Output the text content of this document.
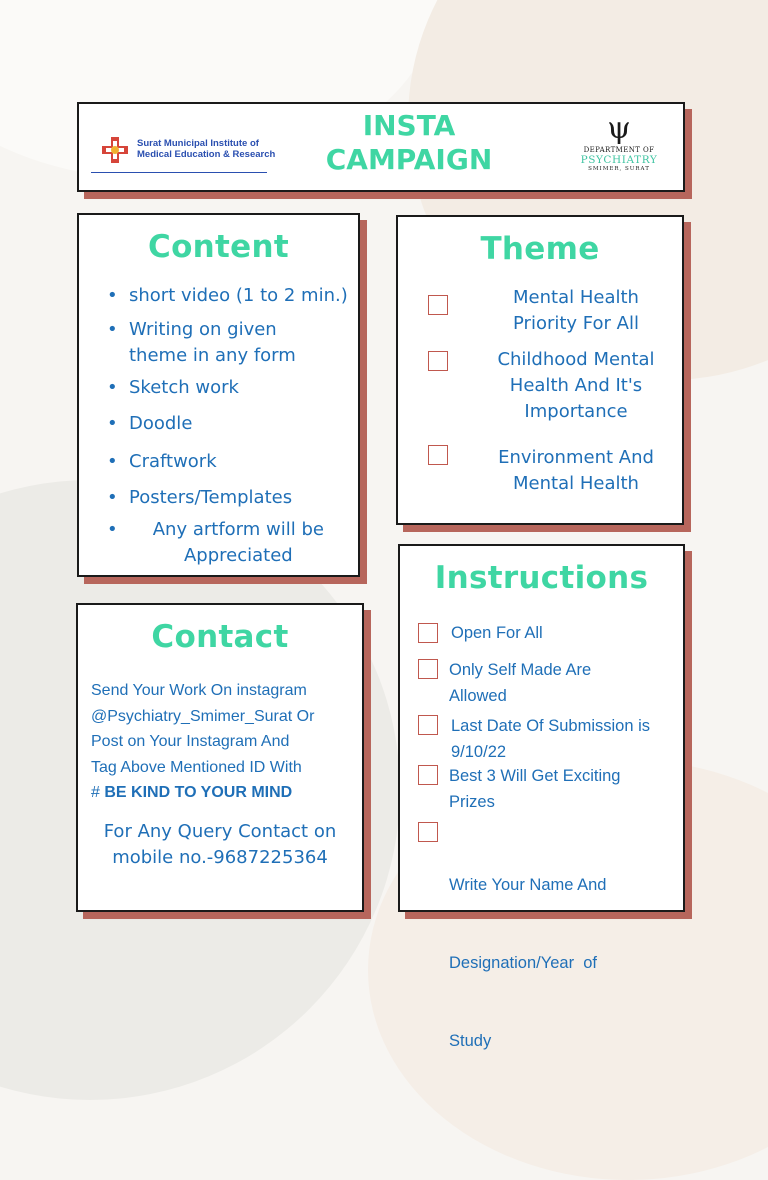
Surat Municipal Institute of
Medical Education & Research
INSTA
CAMPAIGN
ψ
DEPARTMENT OF
PSYCHIATRY
SMIMER, SURAT
Content
• short video (1 to 2 min.)
• Writing on given
theme in any form
• Sketch work
• Doodle
• Craftwork
• Posters/Templates
• Any artform will be
Appreciated
Theme
Mental Health
Priority For All
Childhood Mental
Health And It's
Importance
Environment And
Mental Health
Contact
Send Your Work On instagram
@Psychiatry_Smimer_Surat Or
Post on Your Instagram And
Tag Above Mentioned ID With
# BE KIND TO YOUR MIND
For Any Query Contact on
mobile no.-9687225364
Instructions
Open For All
Only Self Made Are
Allowed
Last Date Of Submission is
9/10/22
Best 3 Will Get Exciting
Prizes

Write Your Name And

Designation/Year  of

Study
